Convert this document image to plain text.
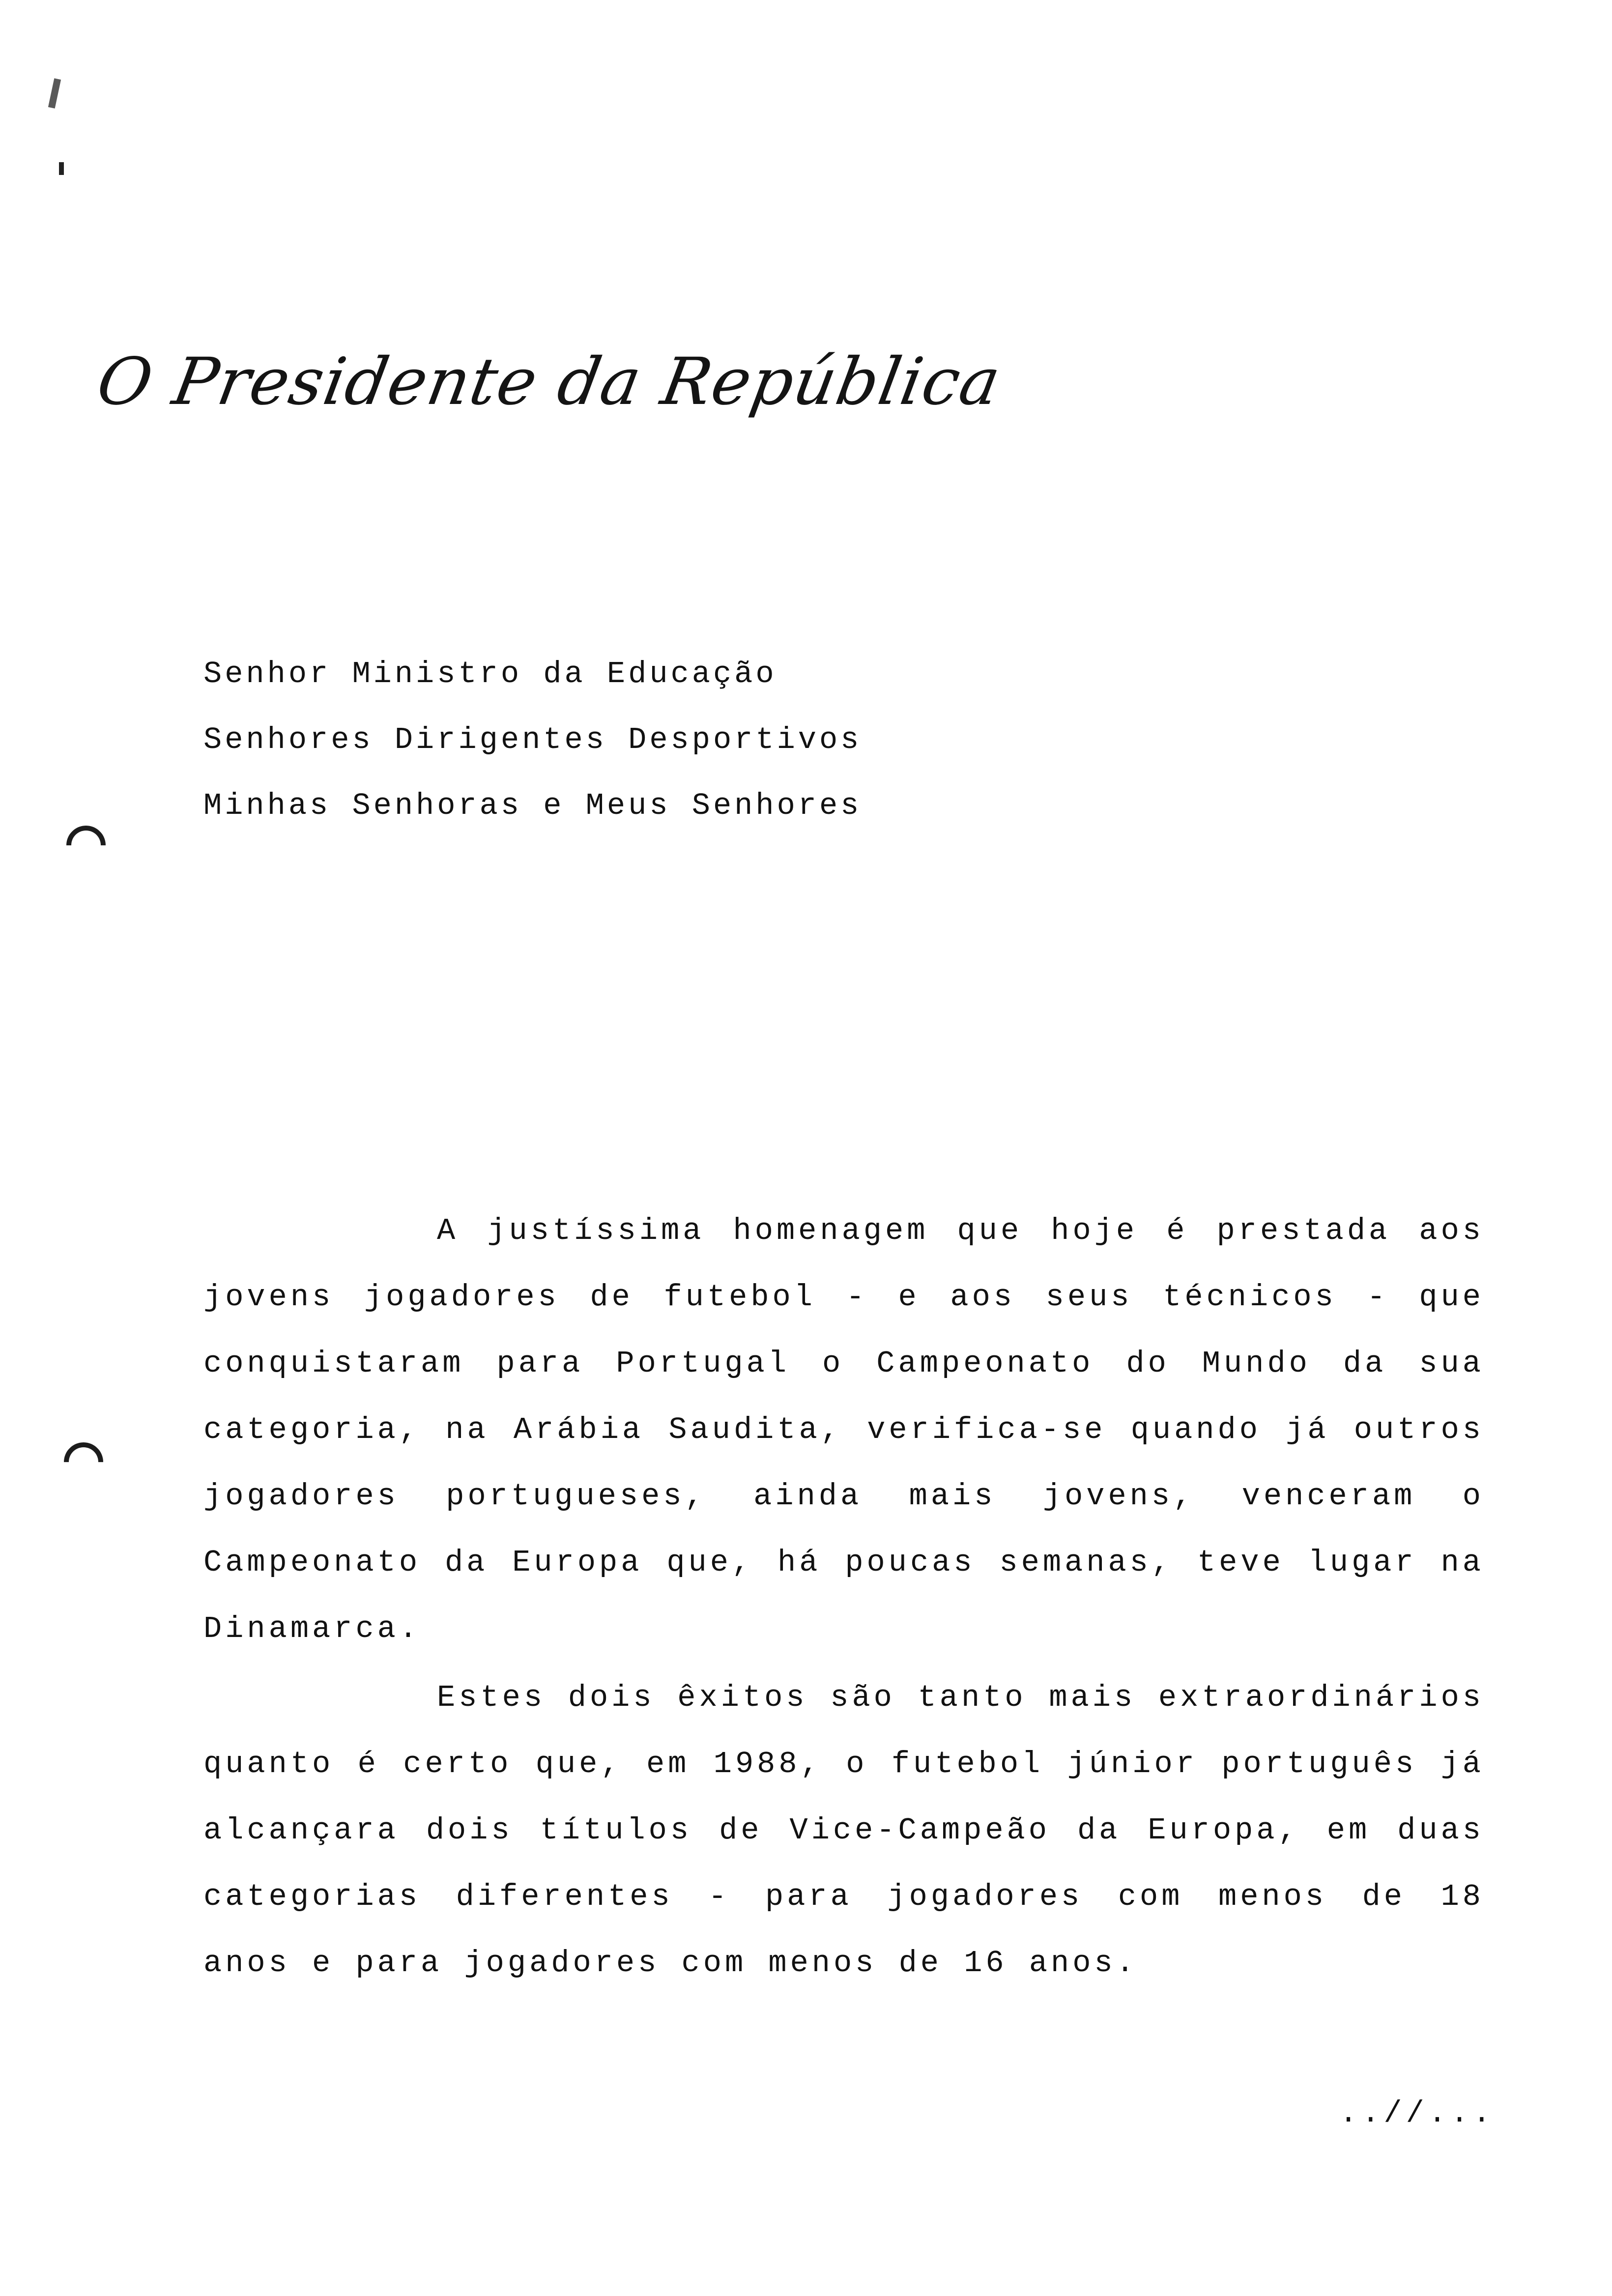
O Presidente da República
Senhor Ministro da Educação
Senhores Dirigentes Desportivos
Minhas Senhoras e Meus Senhores

A justíssima homenagem que hoje é prestada aos jovens jogadores de futebol - e aos seus técnicos - que conquistaram para Portugal o Campeonato do Mundo da sua categoria, na Arábia Saudita, verifica-se quando já outros jogadores portugueses, ainda mais jovens, venceram o Campeonato da Europa que, há poucas semanas, teve lugar na Dinamarca.

Estes dois êxitos são tanto mais extraordinários quanto é certo que, em 1988, o futebol júnior português já alcançara dois títulos de Vice-Campeão da Europa, em duas categorias diferentes - para jogadores com menos de 18 anos e para jogadores com menos de 16 anos.

..//...
